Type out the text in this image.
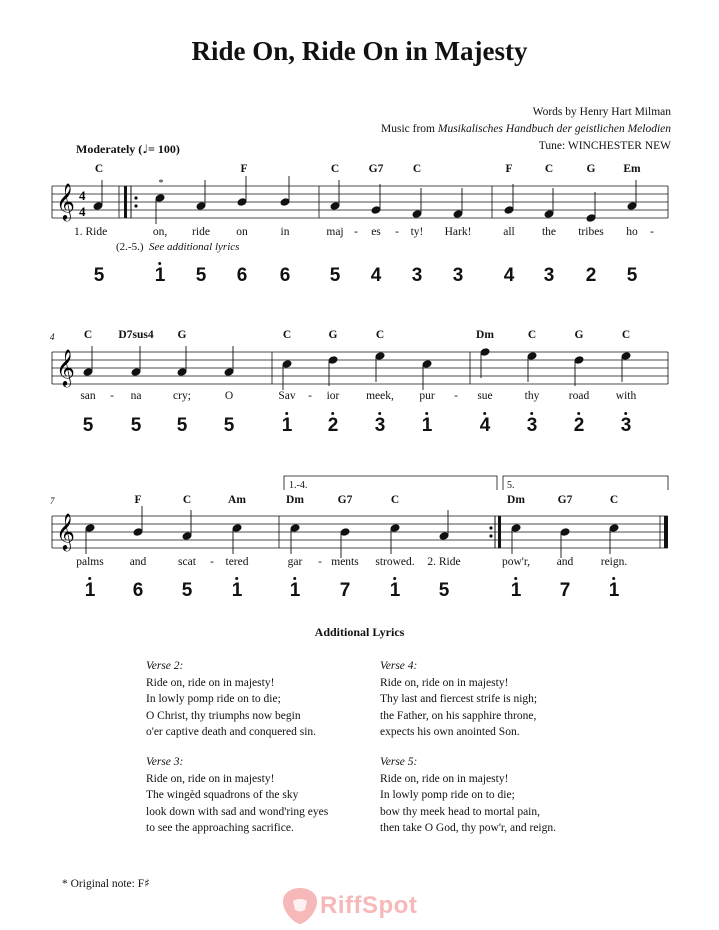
Ride On, Ride On in Majesty
Words by Henry Hart Milman
Music from Musikalisches Handbuch der geistlichen Melodien
Tune: WINCHESTER NEW
Moderately (♩= 100)
C	F	C	G7	C	F	C	G Em
*
𝄞 4
4
1. Ride	on, ride on	in	maj - es - ty! Hark!	all the tribes ho -
(2.-5.) See additional lyrics
5	1 5 6 6 5 4 3 3 4 3 2 5
4	C D7sus4 G	C	G	C	Dm	C	G	C
𝄞
san - na	cry;	O	Sav - ior meek, pur - sue	thy	road with
5 5 5 5 1 2 3 1 4 3 2 3
7
1.-4.	5.
F	C	Am	Dm	G7	C	Dm	G7	C
𝄞
palms and	scat - tered	gar - ments strowed. 2. Ride	pow'r, and reign.
1 6 5 1 1 7 1 5	1 7 1
Additional Lyrics
Verse 2:
Ride on, ride on in majesty!
In lowly pomp ride on to die;
O Christ, thy triumphs now begin
o'er captive death and conquered sin.
Verse 3:
Ride on, ride on in majesty!
The wingèd squadrons of the sky
look down with sad and wond'ring eyes
to see the approaching sacrifice.
Verse 4:
Ride on, ride on in majesty!
Thy last and fiercest strife is nigh;
the Father, on his sapphire throne,
expects his own anointed Son.
Verse 5:
Ride on, ride on in majesty!
In lowly pomp ride on to die;
bow thy meek head to mortal pain,
then take O God, thy pow'r, and reign.
* Original note: F♯
RiffSpot
